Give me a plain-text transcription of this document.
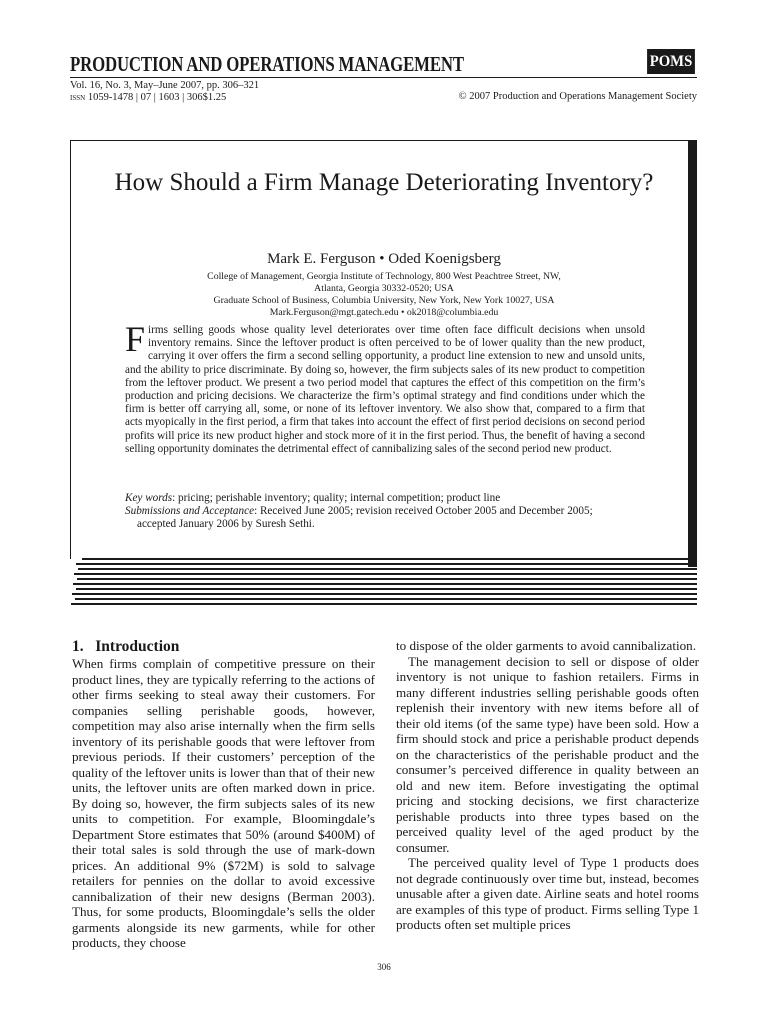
PRODUCTION AND OPERATIONS MANAGEMENT	POMS
Vol. 16, No. 3, May–June 2007, pp. 306–321
issn 1059-1478 | 07 | 1603 | 306$1.25	© 2007 Production and Operations Management Society
How Should a Firm Manage Deteriorating Inventory?
Mark E. Ferguson • Oded Koenigsberg
College of Management, Georgia Institute of Technology, 800 West Peachtree Street, NW,
Atlanta, Georgia 30332-0520; USA
Graduate School of Business, Columbia University, New York, New York 10027, USA
Mark.Ferguson@mgt.gatech.edu • ok2018@columbia.edu
Firms selling goods whose quality level deteriorates over time often face difficult decisions when unsold inventory remains. Since the leftover product is often perceived to be of lower quality than the new product, carrying it over offers the firm a second selling opportunity, a product line extension to new and unsold units, and the ability to price discriminate. By doing so, however, the firm subjects sales of its new product to competition from the leftover product. We present a two period model that captures the effect of this competition on the firm’s production and pricing decisions. We characterize the firm’s optimal strategy and find conditions under which the firm is better off carrying all, some, or none of its leftover inventory. We also show that, compared to a firm that acts myopically in the first period, a firm that takes into account the effect of first period decisions on second period profits will price its new product higher and stock more of it in the first period. Thus, the benefit of having a second selling opportunity dominates the detrimental effect of cannibalizing sales of the second period new product.
Key words: pricing; perishable inventory; quality; internal competition; product line
Submissions and Acceptance: Received June 2005; revision received October 2005 and December 2005;
accepted January 2006 by Suresh Sethi.
1.   Introduction

When firms complain of competitive pressure on their product lines, they are typically referring to the actions of other firms seeking to steal away their customers. For companies selling perishable goods, however, competition may also arise internally when the firm sells inventory of its perishable goods that were leftover from previous periods. If their customers’ perception of the quality of the leftover units is lower than that of their new units, the leftover units are often marked down in price. By doing so, however, the firm subjects sales of its new units to competition. For example, Bloomingdale’s Department Store estimates that 50% (around $400M) of their total sales is sold through the use of mark-down prices. An additional 9% ($72M) is sold to salvage retailers for pennies on the dollar to avoid excessive cannibalization of their new designs (Berman 2003). Thus, for some products, Bloomingdale’s sells the older garments alongside its new garments, while for other products, they choose

to dispose of the older garments to avoid cannibalization.

The management decision to sell or dispose of older inventory is not unique to fashion retailers. Firms in many different industries selling perishable goods often replenish their inventory with new items before all of their old items (of the same type) have been sold. How a firm should stock and price a perishable product depends on the characteristics of the perishable product and the consumer’s perceived difference in quality between an old and new item. Before investigating the optimal pricing and stocking decisions, we first characterize perishable products into three types based on the perceived quality level of the aged product by the consumer.

The perceived quality level of Type 1 products does not degrade continuously over time but, instead, becomes unusable after a given date. Airline seats and hotel rooms are examples of this type of product. Firms selling Type 1 products often set multiple prices

306
